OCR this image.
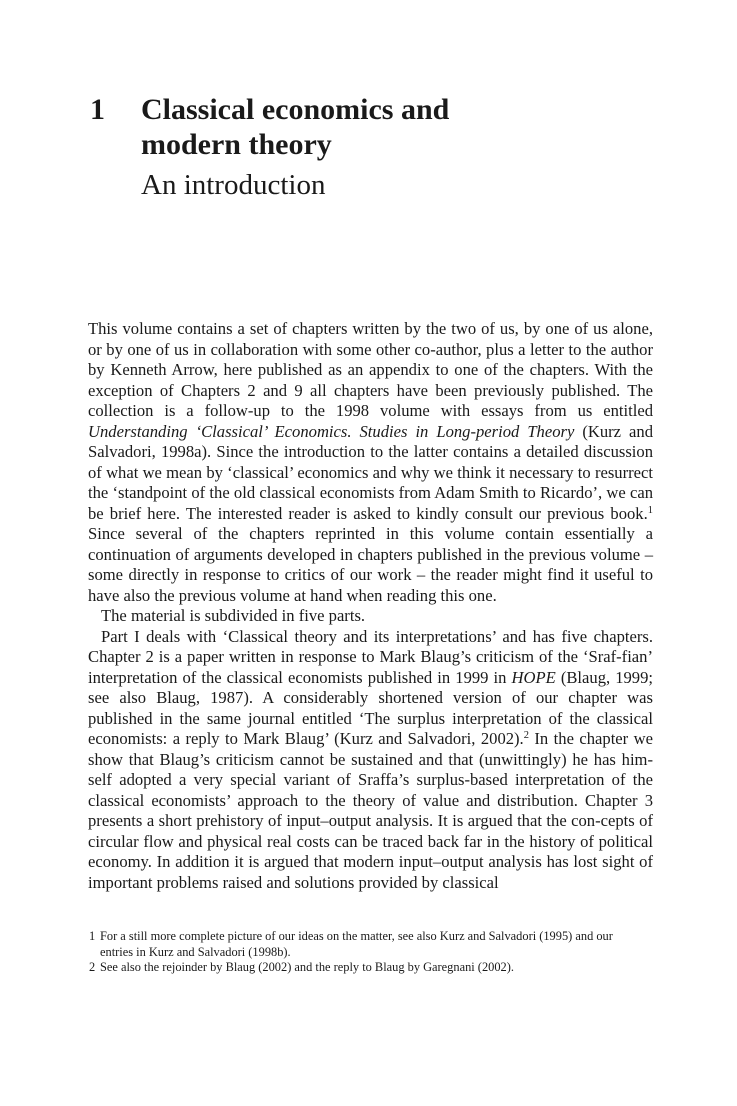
1 Classical economics and
modern theory
An introduction

This volume contains a set of chapters written by the two of us, by one of us alone, or by one of us in collaboration with some other co-author, plus a letter to the author by Kenneth Arrow, here published as an appendix to one of the chapters. With the exception of Chapters 2 and 9 all chapters have been previously published. The collection is a follow-up to the 1998 volume with essays from us entitled Understanding ‘Classical’ Economics. Studies in Long-period Theory (Kurz and Salvadori, 1998a). Since the introduction to the latter contains a detailed discussion of what we mean by ‘classical’ economics and why we think it necessary to resurrect the ‘standpoint of the old classical economists from Adam Smith to Ricardo’, we can be brief here. The interested reader is asked to kindly consult our previous book.$^1$ Since several of the chapters reprinted in this volume contain essentially a continuation of arguments developed in chapters published in the previous volume – some directly in response to critics of our work – the reader might find it useful to have also the previous volume at hand when reading this one.

The material is subdivided in five parts.

Part I deals with ‘Classical theory and its interpretations’ and has five chapters. Chapter 2 is a paper written in response to Mark Blaug’s criticism of the ‘Sraf-fian’ interpretation of the classical economists published in 1999 in HOPE (Blaug, 1999; see also Blaug, 1987). A considerably shortened version of our chapter was published in the same journal entitled ‘The surplus interpretation of the classical economists: a reply to Mark Blaug’ (Kurz and Salvadori, 2002).$^2$ In the chapter we show that Blaug’s criticism cannot be sustained and that (unwittingly) he has him-self adopted a very special variant of Sraffa’s surplus-based interpretation of the classical economists’ approach to the theory of value and distribution. Chapter 3 presents a short prehistory of input–output analysis. It is argued that the con-cepts of circular flow and physical real costs can be traced back far in the history of political economy. In addition it is argued that modern input–output analysis has lost sight of important problems raised and solutions provided by classical

1 For a still more complete picture of our ideas on the matter, see also Kurz and Salvadori (1995) and our entries in Kurz and Salvadori (1998b).
2 See also the rejoinder by Blaug (2002) and the reply to Blaug by Garegnani (2002).
